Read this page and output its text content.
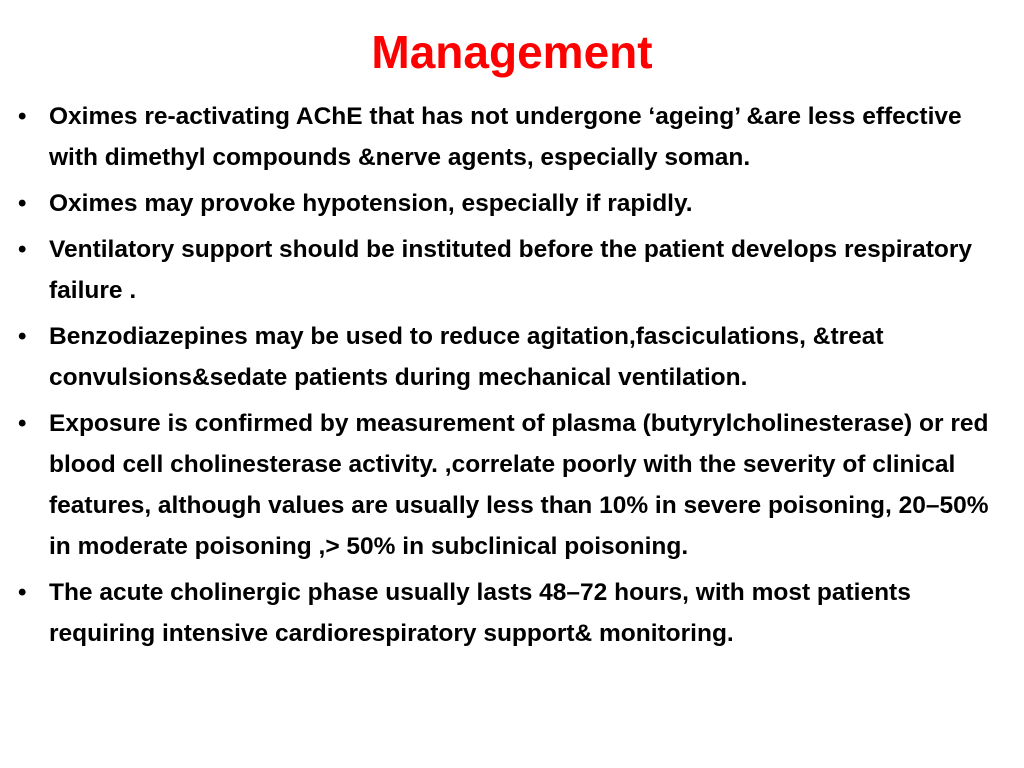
Management
• Oximes re-activating AChE that has not undergone ‘ageing’ &are less effective with dimethyl compounds &nerve agents, especially soman.
• Oximes may provoke hypotension, especially if rapidly.
• Ventilatory support should be instituted before the patient develops respiratory failure .
• Benzodiazepines may be used to reduce agitation,fasciculations, &treat convulsions&sedate patients during mechanical ventilation.
• Exposure is confirmed by measurement of plasma (butyrylcholinesterase) or red blood cell cholinesterase activity. ,correlate poorly with the severity of clinical features, although values are usually less than 10% in severe poisoning, 20–50% in moderate poisoning ,> 50% in subclinical poisoning.
• The acute cholinergic phase usually lasts 48–72 hours, with most patients requiring intensive cardiorespiratory support& monitoring.
